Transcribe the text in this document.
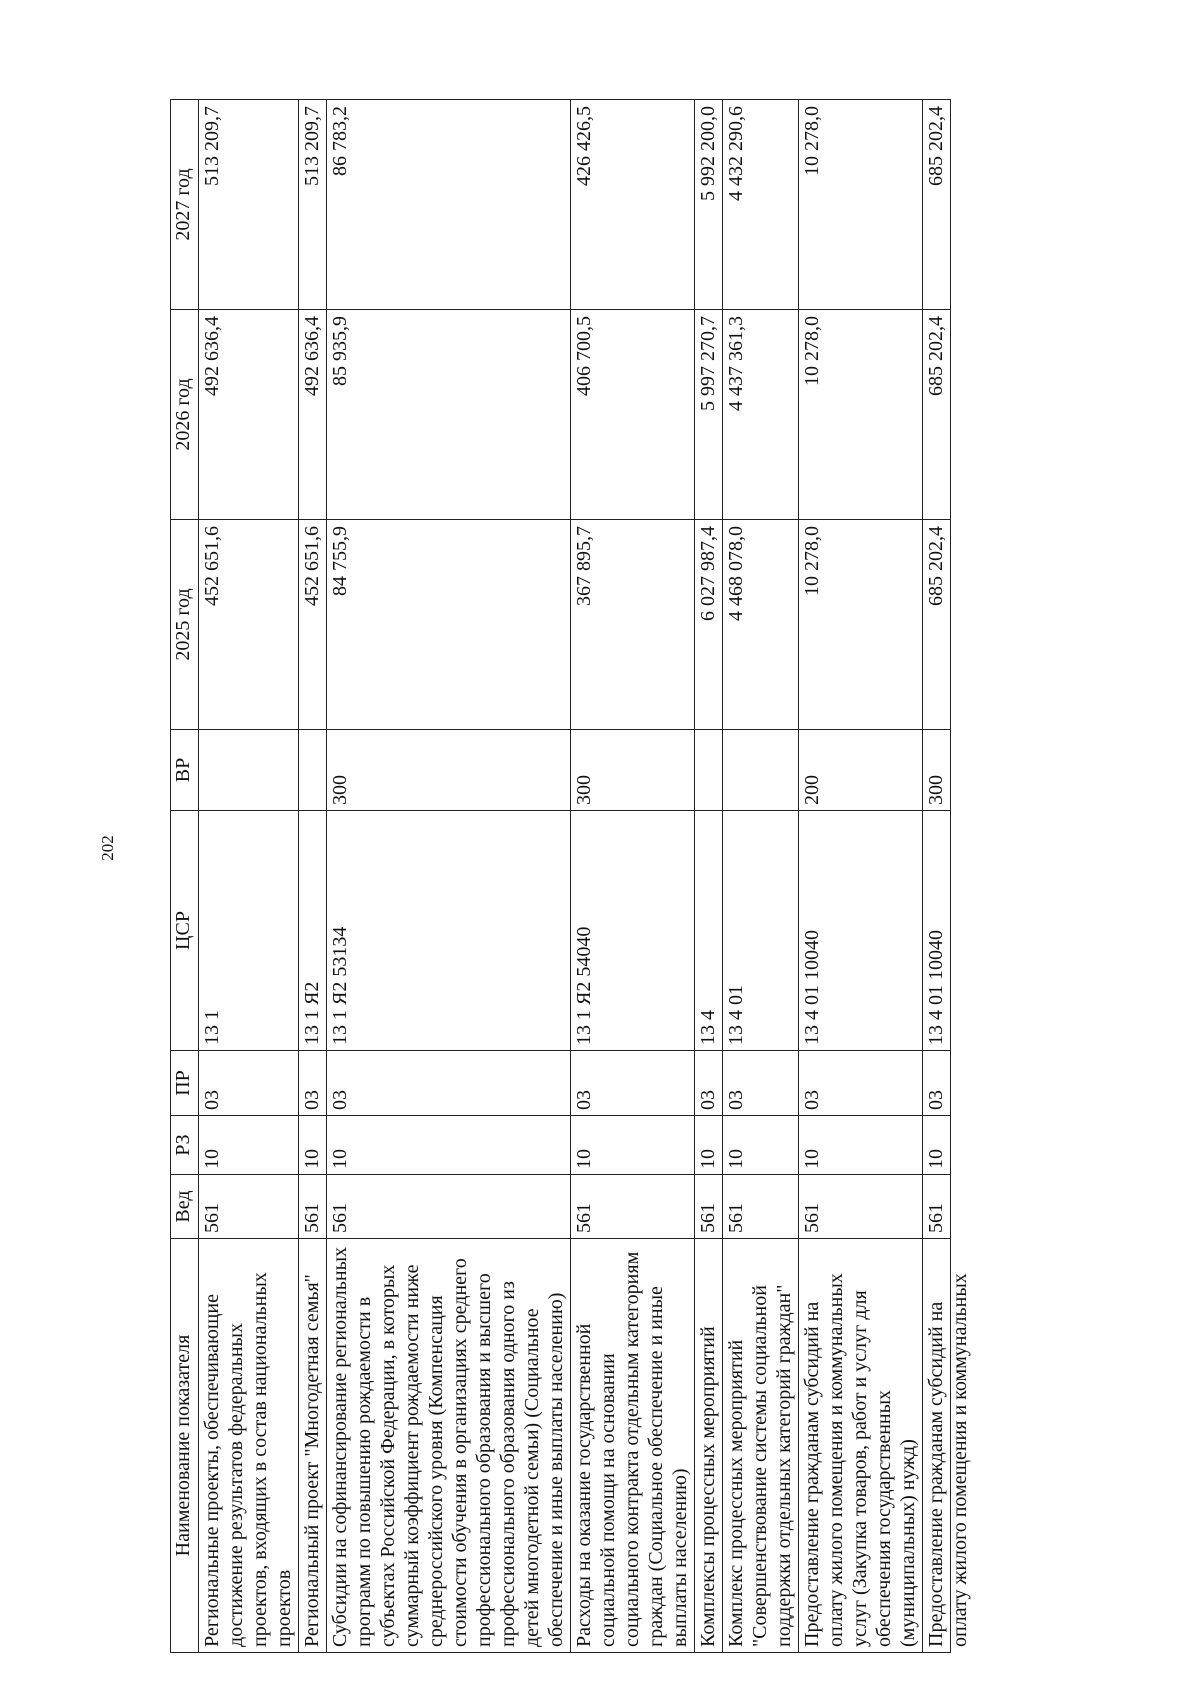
202
Наименование показателя	Вед	РЗ	ПР	ЦСР	ВР	2025 год	2026 год	2027 год
Региональные проекты, обеспечивающие достижение результатов федеральных проектов, входящих в состав национальных проектов	561	10	03	13 1		452 651,6	492 636,4	513 209,7
Региональный проект "Многодетная семья"	561	10	03	13 1 Я2		452 651,6	492 636,4	513 209,7
Субсидии на софинансирование региональных программ по повышению рождаемости в субъектах Российской Федерации, в которых суммарный коэффициент рождаемости ниже среднероссийского уровня (Компенсация стоимости обучения в организациях среднего профессионального образования и высшего профессионального образования одного из детей многодетной семьи) (Социальное обеспечение и иные выплаты населению)	561	10	03	13 1 Я2 53134	300	84 755,9	85 935,9	86 783,2
Расходы на оказание государственной социальной помощи на основании социального контракта отдельным категориям граждан (Социальное обеспечение и иные выплаты населению)	561	10	03	13 1 Я2 54040	300	367 895,7	406 700,5	426 426,5
Комплексы процессных мероприятий	561	10	03	13 4		6 027 987,4	5 997 270,7	5 992 200,0
Комплекс процессных мероприятий "Совершенствование системы социальной поддержки отдельных категорий граждан"	561	10	03	13 4 01		4 468 078,0	4 437 361,3	4 432 290,6
Предоставление гражданам субсидий на оплату жилого помещения и коммунальных услуг (Закупка товаров, работ и услуг для обеспечения государственных (муниципальных) нужд)	561	10	03	13 4 01 10040	200	10 278,0	10 278,0	10 278,0

Предоставление гражданам субсидий на оплату жилого помещения и коммунальных	561	10	03	13 4 01 10040	300	685 202,4	685 202,4	685 202,4
